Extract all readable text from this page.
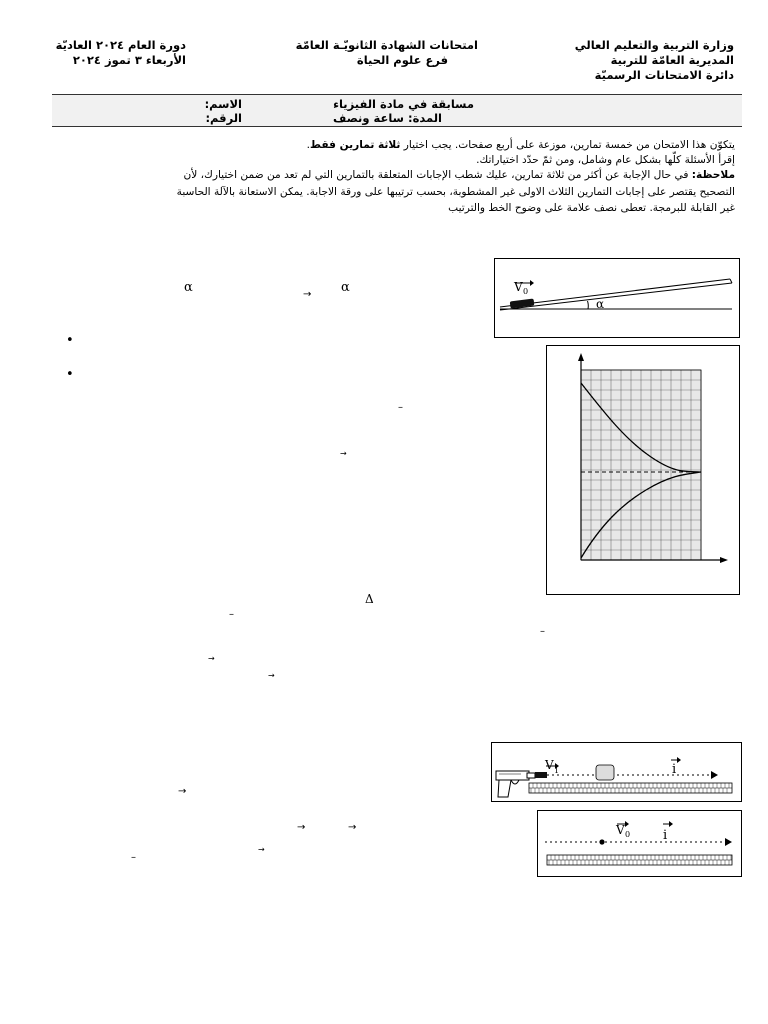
وزارة التربية والتعليم العالي
المديرية العامّة للتربية
دائرة الامتحانات الرسميّة
امتحانات الشهادة الثانويّـة العامّة
فرع علوم الحياة
دورة العام ٢٠٢٤ العاديّة
الأربعاء ٣ تموز ٢٠٢٤
مسابقة في مادة الفيزياء
المدة: ساعة ونصف
الاسم:
الرقم:
يتكوّن هذا الامتحان من خمسة تمارين، موزعة على أربع صفحات. يجب اختيار ثلاثة تمارين فقط.
إقرأ الأسئلة كلّها بشكل عام وشامل، ومن ثمّ حدّد اختياراتك.
ملاحظة: في حال الإجابة عن أكثر من ثلاثة تمارين، عليك شطب الإجابات المتعلقة بالتمارين التي لم تعد من ضمن اختيارك، لأن
التصحيح يقتصر على إجابات التمارين الثلاث الاولى غير المشطوبة، بحسب ترتيبها على ورقة الاجابة. يمكن الاستعانة بالآلة الحاسبة
غير القابلة للبرمجة. تعطى نصف علامة على وضوح الخط والترتيب
α	→ α
•
•
–
→
Δ
–
–
→
→
→
→	→
→
–
V 0
α
V 1	i
V 0	i
